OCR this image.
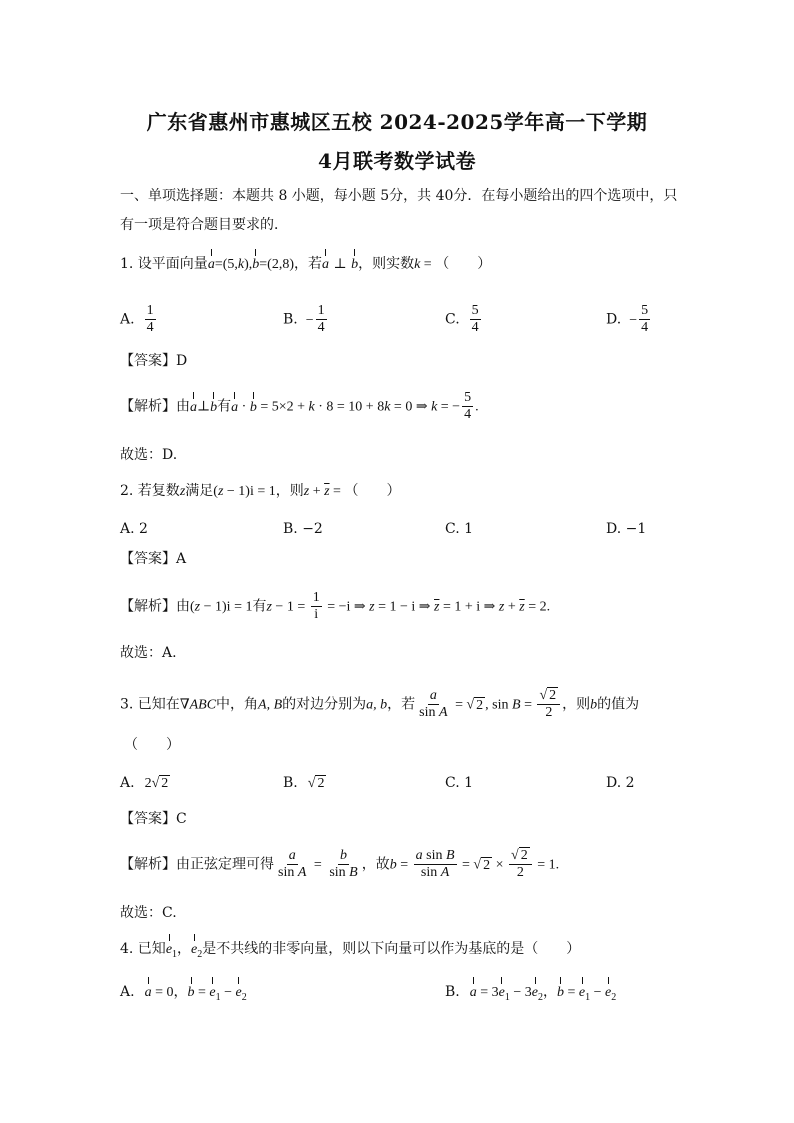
广东省惠州市惠城区五校 2024-2025学年高一下学期
4月联考数学试卷
一、单项选择题：本题共 8 小题，每小题 5分，共 40分．在每小题给出的四个选项中，只
有一项是符合题目要求的．
1. 设平面向量a=(5,k),b=(2,8)，若a ⊥ b，则实数k = （　　）
A. $\frac{1}{4}$	B. − $\frac{1}{4}$	C. $\frac{5}{4}$	D. − $\frac{5}{4}$
【答案】D
【解析】由a⊥b有a · b = 5×2 + k · 8 = 10 + 8k = 0 ⇒ k = − $\frac{5}{4}$ .
故选：D.
2. 若复数z满足(z − 1)i = 1，则$z + \overline{z}$ = （　　）
A. 2	B. −2	C. 1	D. −1
【答案】A
【解析】由(z − 1)i = 1有$z - 1 = \frac{1}{i} = -i$ ⇒ z = 1 − i ⇒ $\overline{z} = 1 + i$ ⇒ $z + \overline{z} = 2$.
故选：A.
3. 已知在∇ABC中，角A, B的对边分别为a, b，若 $\frac{a}{\text{sin A}}$ = √ 2 , $\sin B = \frac{√ 2}{2}$ ，则b的值为
（　　）
A. 2√ 2	B. √ 2	C. 1	D. 2
【答案】C
【解析】由正弦定理可得 $\frac{a}{\text{sin A}} = \frac{b}{\text{sin B}}$ ，故$b = \frac{\text{a sin B}}{\text{sin A}}$ = √ $2 \times \frac{√ 2}{2} = 1$.
故选：C.
4. 已知$e_1$，$e_2$是不共线的非零向量，则以下向量可以作为基底的是（　　）
A. a = 0，$b = e_1 - e_2$	B. $a = 3e_1 - 3e_2$，$b = e_1 - e_2$
